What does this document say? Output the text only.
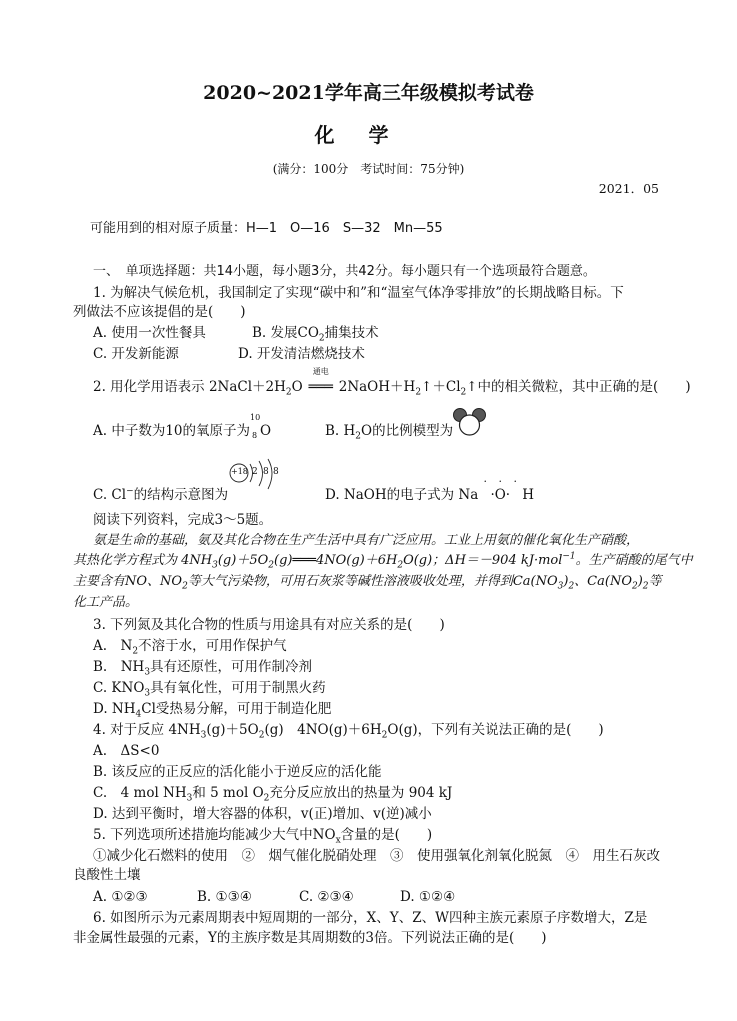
2020~2021学年高三年级模拟考试卷
化学
(满分：100分　考试时间：75分钟)
2021．05
可能用到的相对原子质量：H—1　O—16　S—32　Mn—55
一、　单项选择题：共14小题，每小题3分，共42分。每小题只有一个选项最符合题意。
1. 为解决气候危机，我国制定了实现“碳中和”和“温室气体净零排放”的长期战略目标。下
列做法不应该提倡的是(　　)
A. 使用一次性餐具	B. 发展$CO_2$捕集技术
C. 开发新能源	D. 开发清洁燃烧技术
2. 用化学用语表示 $2NaCl+2H_2O$
通电
═══ $2NaOH+H_2↑+Cl_2↑$中的相关微粒，其中正确的是(　　)
A. 中子数为10的氧原子为
10
8 O	B. $H_2O$的比例模型为
C. Cl−的结构示意图为
+18 2 8 8
D. NaOH的电子式为 Na
· · ·
·O· H
阅读下列资料，完成3～5题。
氨是生命的基础，氨及其化合物在生产生活中具有广泛应用。工业上用氨的催化氧化生产硝酸，
其热化学方程式为 $4NH_3(g)+5O_2(g)═══4NO(g)+6H_2O(g)$；ΔH＝－904 kJ·mol$^{-1}$。生产硝酸的尾气中
主要含有NO、$NO_2$等大气污染物，可用石灰浆等碱性溶液吸收处理，并得到$Ca(NO_3)_2$、$Ca(NO_2)_2$等
化工产品。
3. 下列氮及其化合物的性质与用途具有对应关系的是(　　)
A.　$N_2$不溶于水，可用作保护气
B.　$NH_3$具有还原性，可用作制冷剂
C. $KNO_3$具有氧化性，可用于制黑火药
D. $NH_4Cl$受热易分解，可用于制造化肥
4. 对于反应 $4NH_3(g)+5O_2(g)$　$4NO(g)+6H_2O(g)$，下列有关说法正确的是(　　)
A.　ΔS<0
B. 该反应的正反应的活化能小于逆反应的活化能
C.　4 mol $NH_3$和 5 mol $O_2$充分反应放出的热量为 904 kJ
D. 达到平衡时，增大容器的体积，v(正)增加、v(逆)减小
5. 下列选项所述措施均能减少大气中$NO_x$含量的是(　　)
①减少化石燃料的使用　②　烟气催化脱硝处理　③　使用强氧化剂氧化脱氮　④　用生石灰改
良酸性土壤
A. ①②③	B. ①③④	C. ②③④	D. ①②④
6. 如图所示为元素周期表中短周期的一部分，X、Y、Z、W四种主族元素原子序数增大，Z是
非金属性最强的元素，Y的主族序数是其周期数的3倍。下列说法正确的是(　　)
